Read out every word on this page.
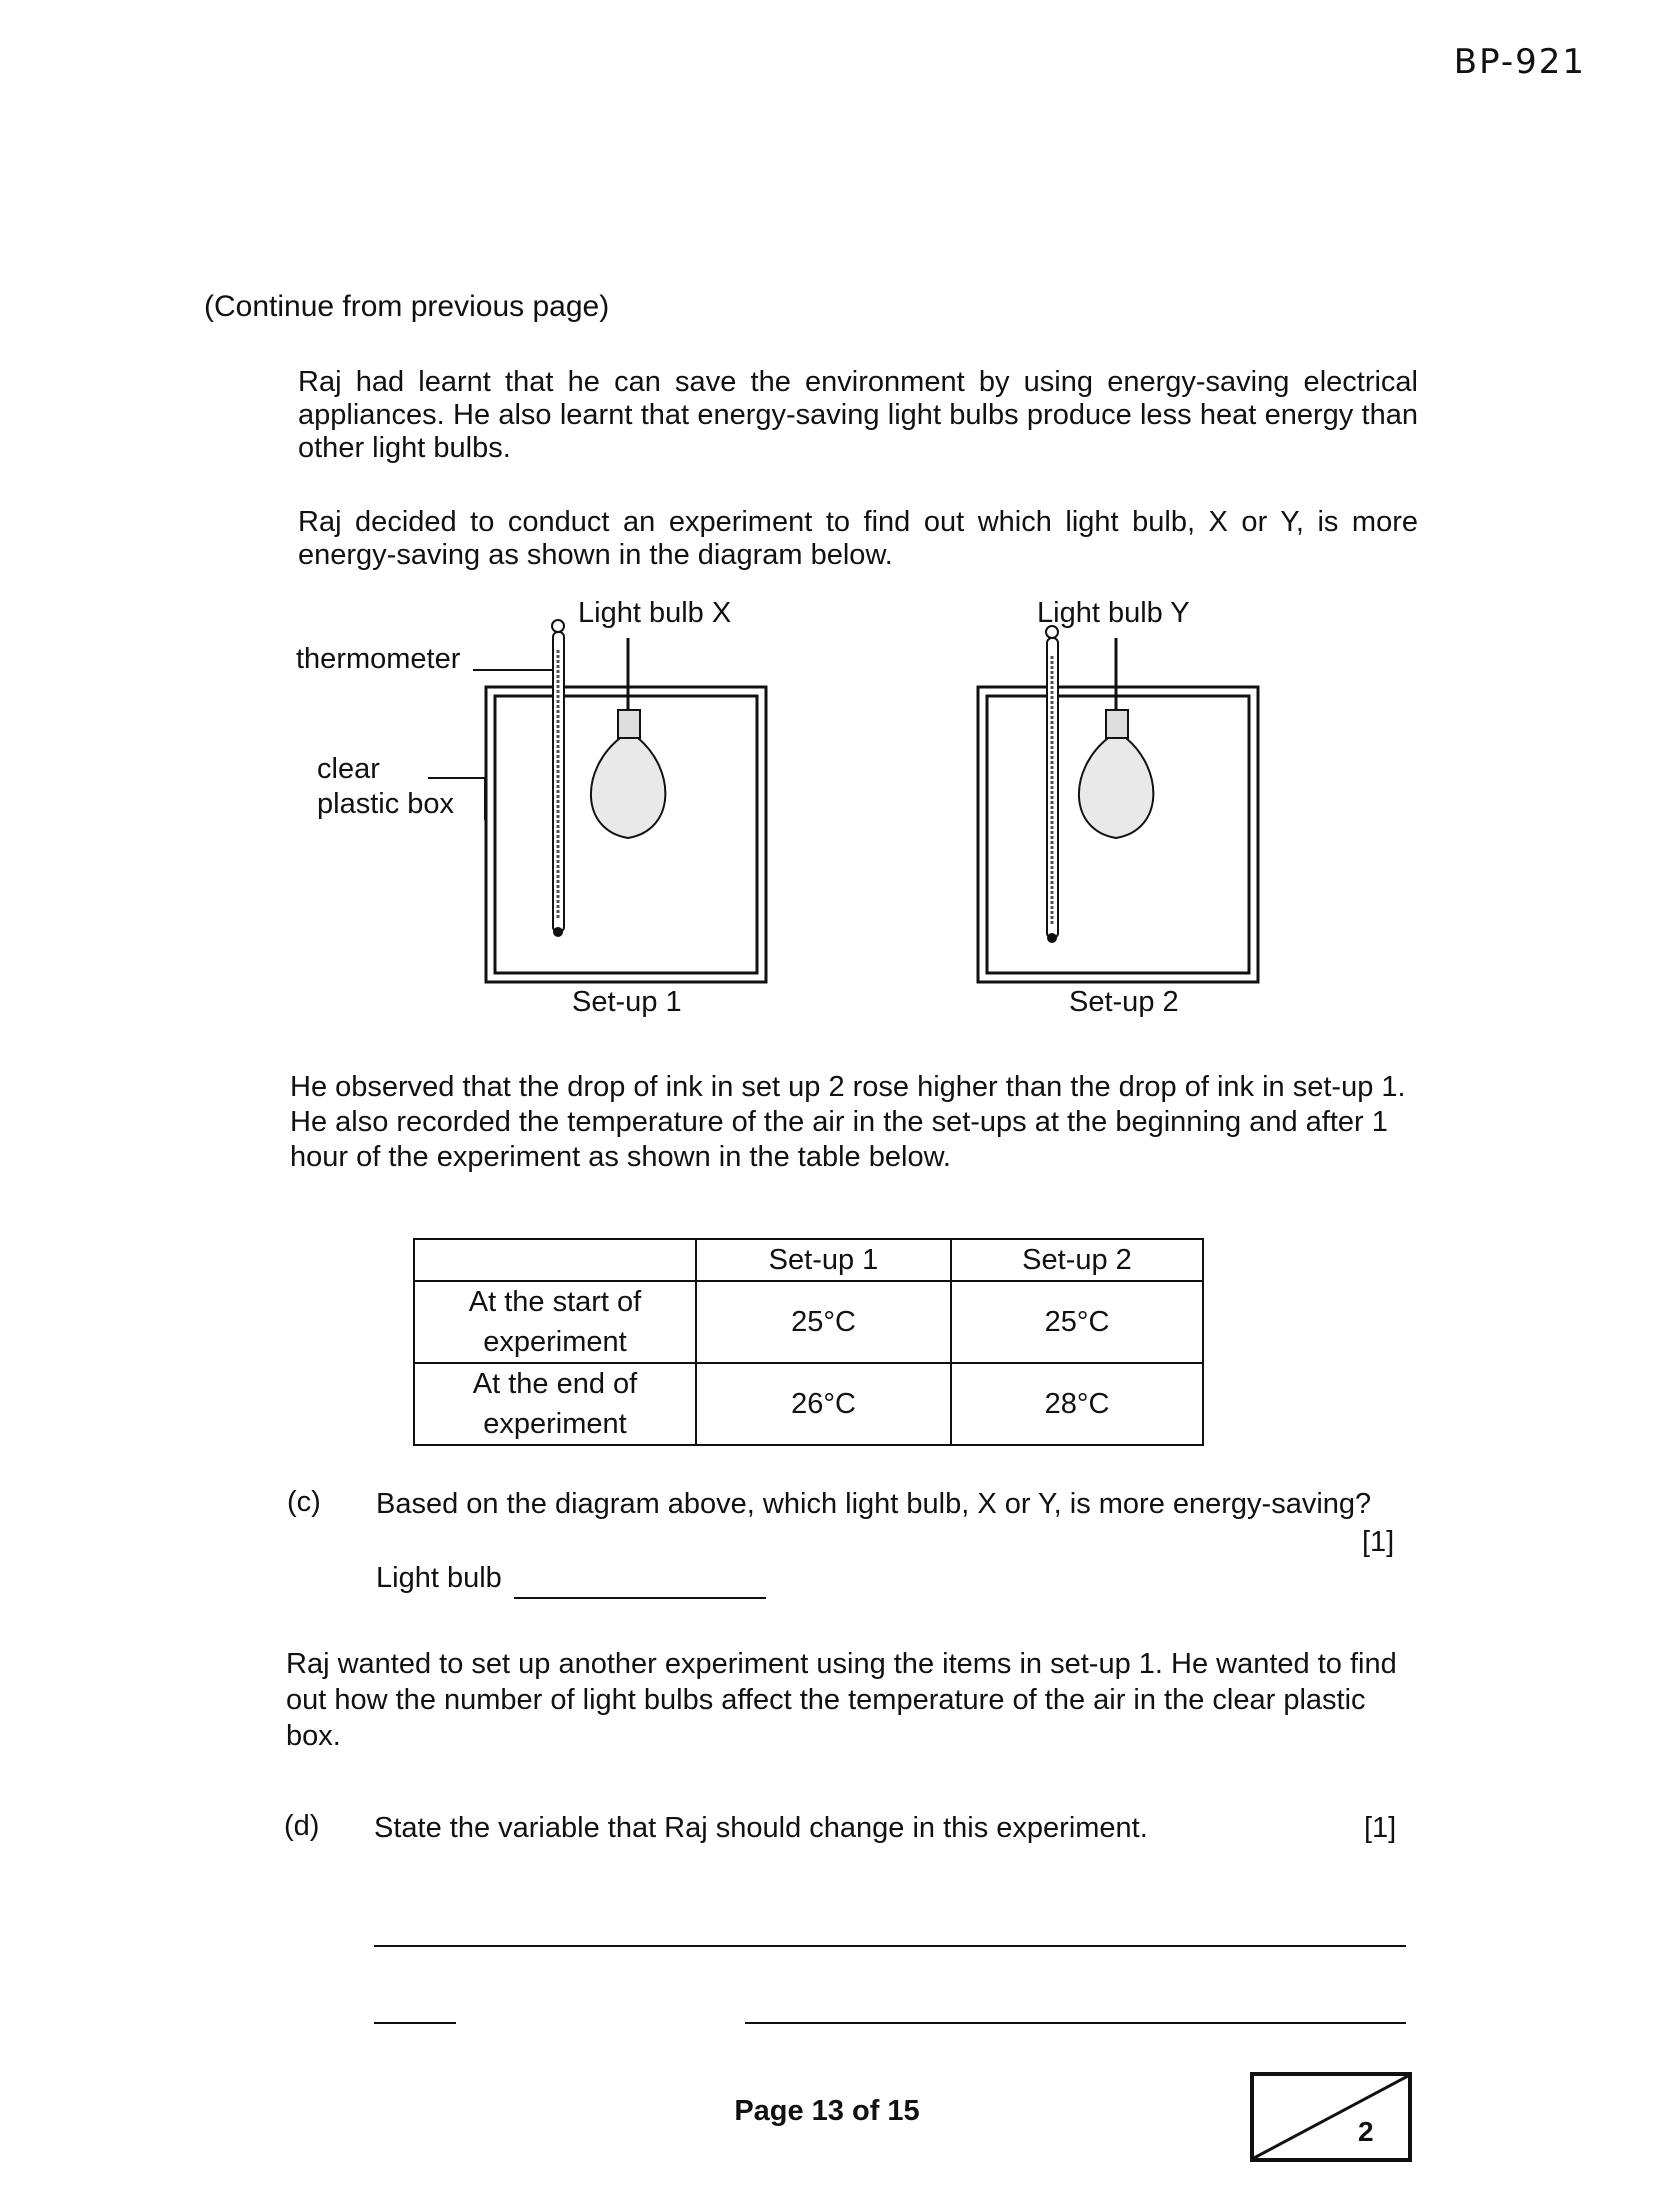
BP-921
(Continue from previous page)
Raj had learnt that he can save the environment by using energy-saving electrical appliances. He also learnt that energy-saving light bulbs produce less heat energy than other light bulbs.
Raj decided to conduct an experiment to find out which light bulb, X or Y, is more energy-saving as shown in the diagram below.
Light bulb X	Light bulb Y
thermometer
clear
plastic box
Set-up 1	Set-up 2
He observed that the drop of ink in set up 2 rose higher than the drop of ink in set-up 1. He also recorded the temperature of the air in the set-ups at the beginning and after 1 hour of the experiment as shown in the table below.
	Set-up 1	Set-up 2

At the start of
experiment	25°C	25°C

At the end of
experiment	26°C	28°C
(c) Based on the diagram above, which light bulb, X or Y, is more energy-saving?
[1]
Light bulb
Raj wanted to set up another experiment using the items in set-up 1. He wanted to find out how the number of light bulbs affect the temperature of the air in the clear plastic box.
(d) State the variable that Raj should change in this experiment.	[1]
Page 13 of 15
2
